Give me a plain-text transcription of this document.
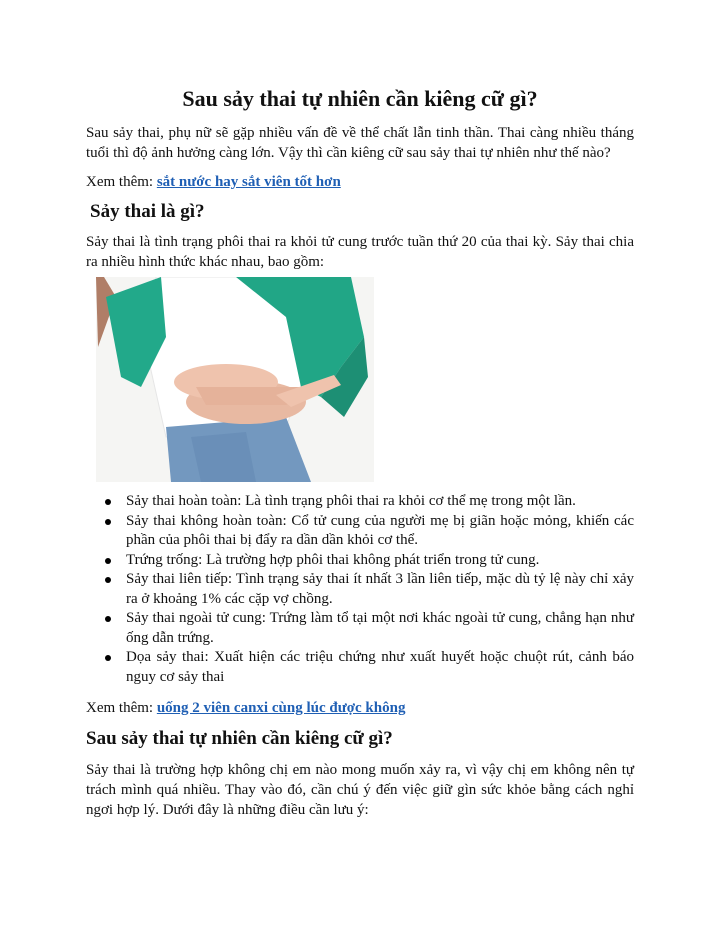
Sau sảy thai tự nhiên cần kiêng cữ gì?

Sau sảy thai, phụ nữ sẽ gặp nhiều vấn đề về thể chất lẫn tinh thần. Thai càng nhiều tháng tuổi thì độ ảnh hưởng càng lớn. Vậy thì cần kiêng cữ sau sảy thai tự nhiên như thế nào?

Xem thêm: sắt nước hay sắt viên tốt hơn

Sảy thai là gì?

Sảy thai là tình trạng phôi thai ra khỏi tử cung trước tuần thứ 20 của thai kỳ. Sảy thai chia ra nhiều hình thức khác nhau, bao gồm:

Sảy thai hoàn toàn: Là tình trạng phôi thai ra khỏi cơ thể mẹ trong một lần.
Sảy thai không hoàn toàn: Cổ tử cung của người mẹ bị giãn hoặc mỏng, khiến các phần của phôi thai bị đẩy ra dần dần khỏi cơ thể.
Trứng trống: Là trường hợp phôi thai không phát triển trong tử cung.
Sảy thai liên tiếp: Tình trạng sảy thai ít nhất 3 lần liên tiếp, mặc dù tỷ lệ này chỉ xảy ra ở khoảng 1% các cặp vợ chồng.
Sảy thai ngoài tử cung: Trứng làm tổ tại một nơi khác ngoài tử cung, chẳng hạn như ống dẫn trứng.
Dọa sảy thai: Xuất hiện các triệu chứng như xuất huyết hoặc chuột rút, cảnh báo nguy cơ sảy thai

Xem thêm: uống 2 viên canxi cùng lúc được không

Sau sảy thai tự nhiên cần kiêng cữ gì?

Sảy thai là trường hợp không chị em nào mong muốn xảy ra, vì vậy chị em không nên tự trách mình quá nhiều. Thay vào đó, cần chú ý đến việc giữ gìn sức khỏe bằng cách nghỉ ngơi hợp lý. Dưới đây là những điều cần lưu ý:
